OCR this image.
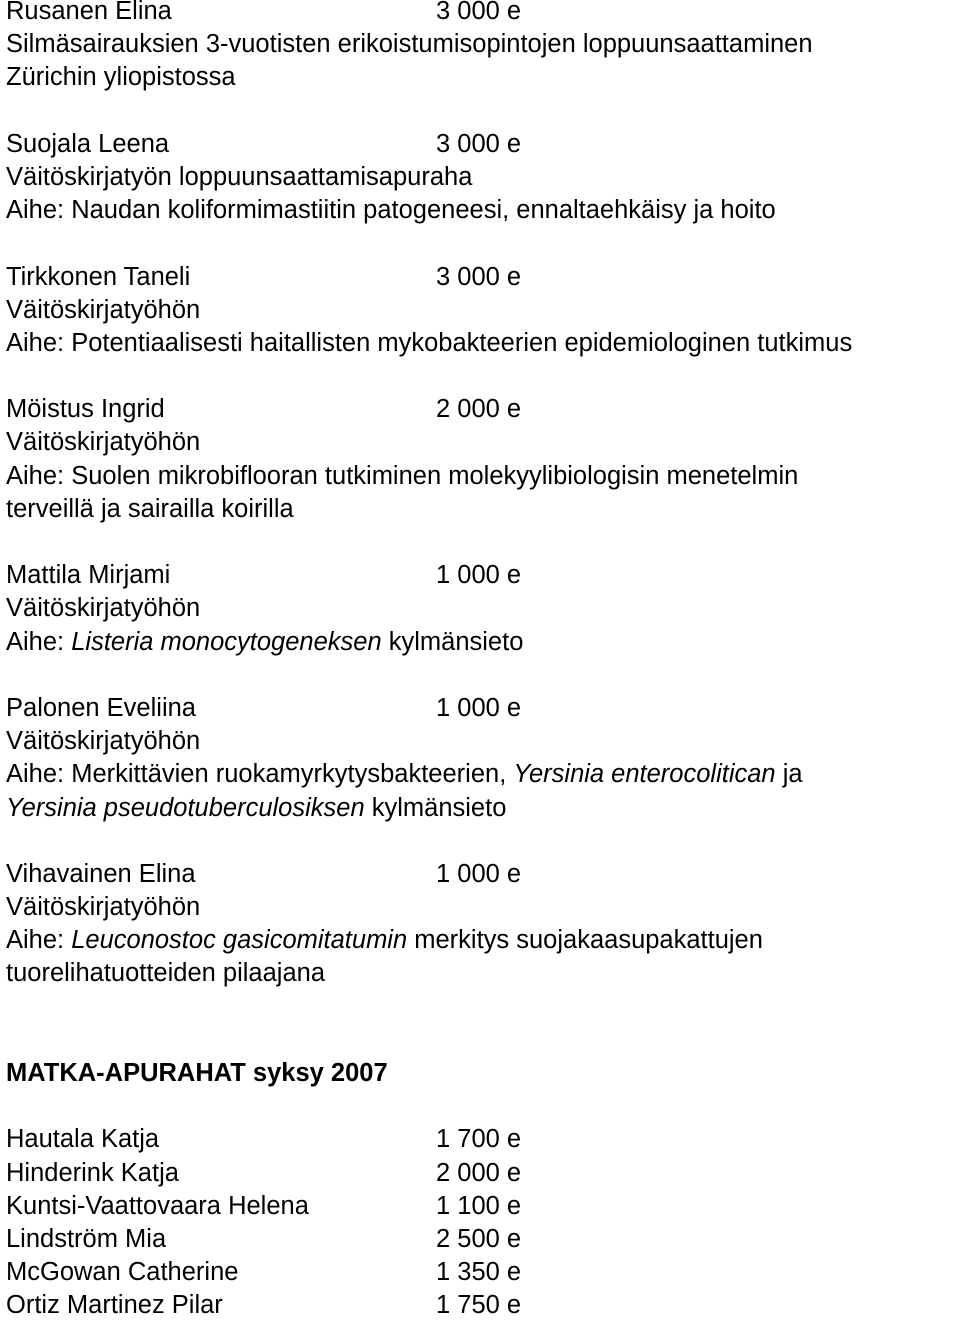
Rusanen Elina	3 000 e
Silmäsairauksien 3-vuotisten erikoistumisopintojen loppuunsaattaminen
Zürichin yliopistossa
Suojala Leena	3 000 e
Väitöskirjatyön loppuunsaattamisapuraha
Aihe: Naudan koliformimastiitin patogeneesi, ennaltaehkäisy ja hoito
Tirkkonen Taneli	3 000 e
Väitöskirjatyöhön
Aihe: Potentiaalisesti haitallisten mykobakteerien epidemiologinen tutkimus
Möistus Ingrid	2 000 e
Väitöskirjatyöhön
Aihe: Suolen mikrobiflooran tutkiminen molekyylibiologisin menetelmin
terveillä ja sairailla koirilla
Mattila Mirjami	1 000 e
Väitöskirjatyöhön
Aihe: Listeria monocytogeneksen kylmänsieto
Palonen Eveliina	1 000 e
Väitöskirjatyöhön
Aihe: Merkittävien ruokamyrkytysbakteerien, Yersinia enterocolitican ja
Yersinia pseudotuberculosiksen kylmänsieto
Vihavainen Elina	1 000 e
Väitöskirjatyöhön
Aihe: Leuconostoc gasicomitatumin merkitys suojakaasupakattujen
tuorelihatuotteiden pilaajana
MATKA-APURAHAT syksy 2007
Hautala Katja	1 700 e
Hinderink Katja	2 000 e
Kuntsi-Vaattovaara Helena	1 100 e
Lindström Mia	2 500 e
McGowan Catherine	1 350 e
Ortiz Martinez Pilar	1 750 e
